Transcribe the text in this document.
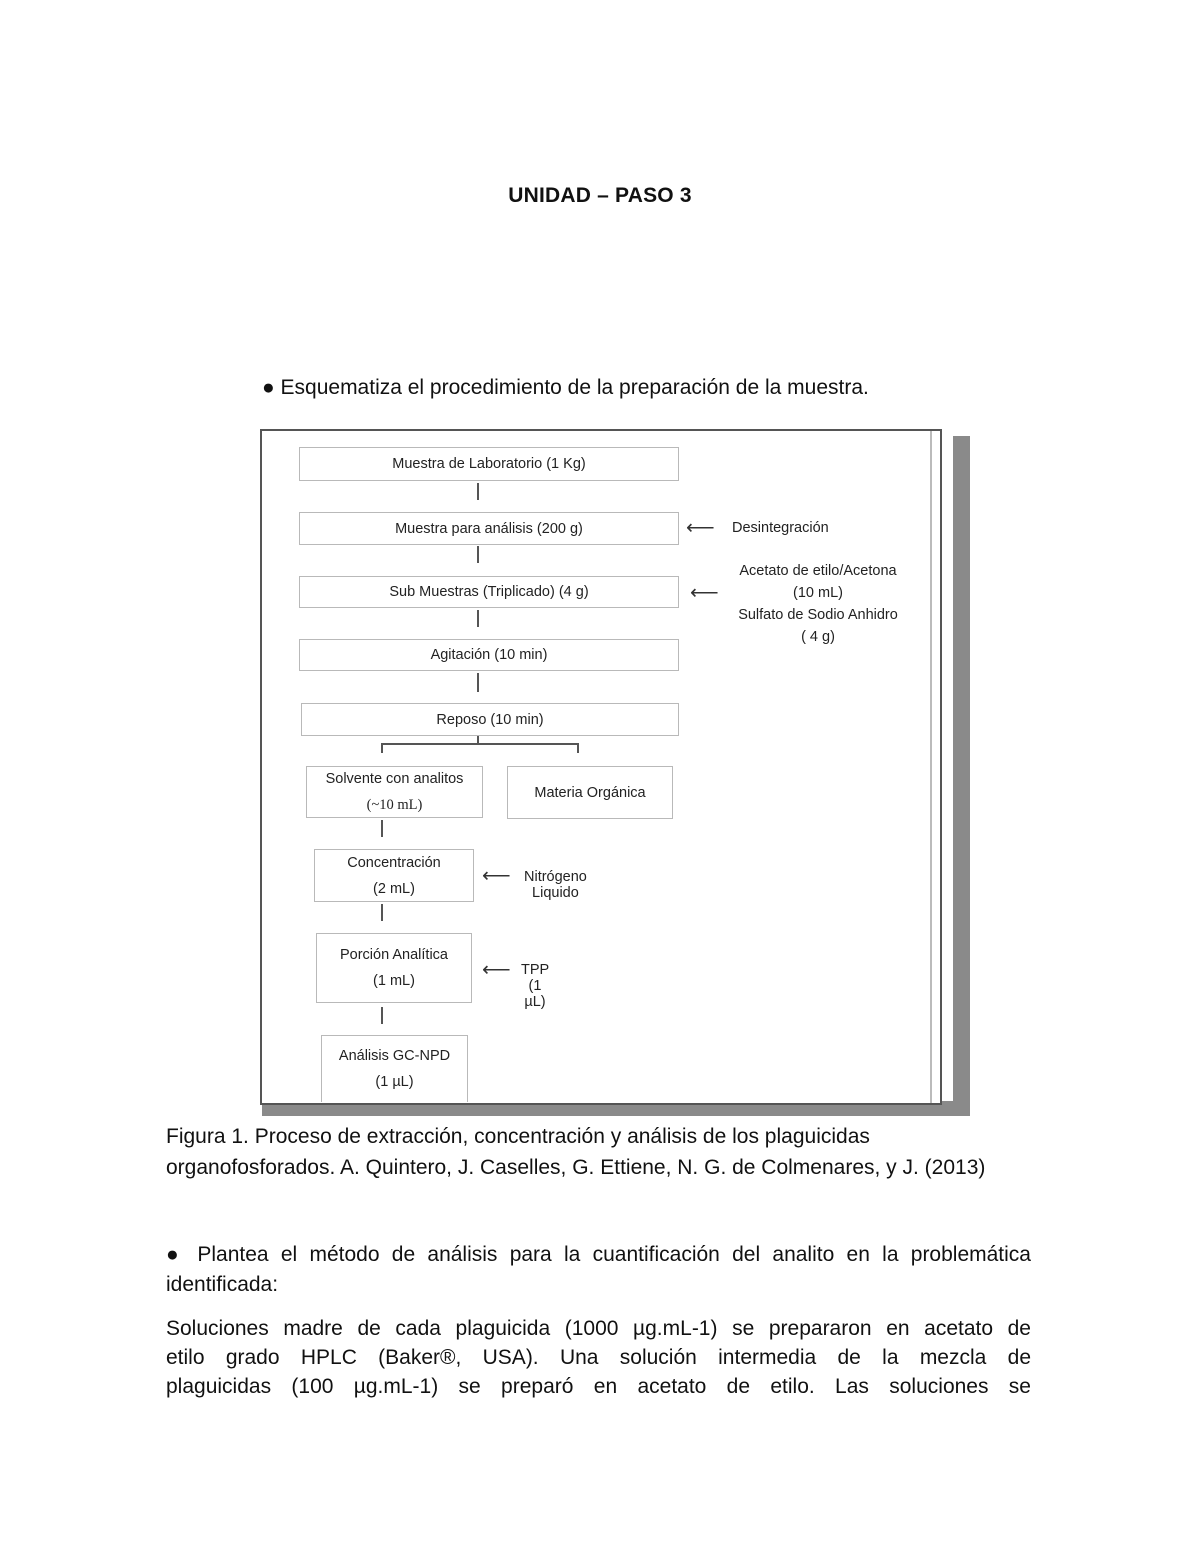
UNIDAD – PASO 3
● Esquematiza el procedimiento de la preparación de la muestra.
Muestra de Laboratorio (1 Kg)
Muestra para análisis (200 g)
Sub Muestras (Triplicado) (4 g)
Agitación (10 min)
Reposo (10 min)
Solvente con analitos
(~10 mL)
Materia Orgánica
Concentración
(2 mL)
Porción Analítica
(1 mL)
Análisis GC-NPD
(1 µL)
⟵ Desintegración
⟵
Acetato de etilo/Acetona
(10 mL)
Sulfato de Sodio Anhidro
( 4 g)
⟵ Nitrógeno Liquido
⟵ TPP (1 µL)
Figura 1. Proceso de extracción, concentración y análisis de los plaguicidas
organofosforados. A. Quintero, J. Caselles, G. Ettiene, N. G. de Colmenares, y J. (2013)
● Plantea el método de análisis para la cuantificación del analito en la problemática identificada:
Soluciones madre de cada plaguicida (1000 µg.mL-1) se prepararon en acetato de
etilo grado HPLC (Baker®, USA). Una solución intermedia de la mezcla de
plaguicidas (100 µg.mL-1) se preparó en acetato de etilo. Las soluciones se
